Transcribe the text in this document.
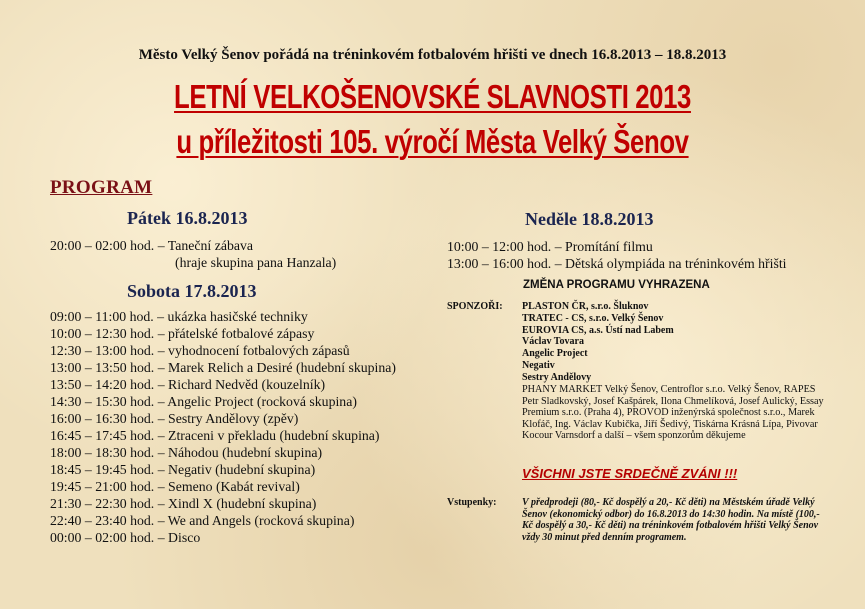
Město Velký Šenov pořádá na tréninkovém fotbalovém hřišti ve dnech 16.8.2013 – 18.8.2013
LETNÍ VELKOŠENOVSKÉ SLAVNOSTI 2013
u příležitosti 105. výročí Města Velký Šenov
PROGRAM
Pátek 16.8.2013
20:00 – 02:00 hod. – Taneční zábava
(hraje skupina pana Hanzala)
Sobota 17.8.2013
09:00 – 11:00 hod. – ukázka hasičské techniky
10:00 – 12:30 hod. – přátelské fotbalové zápasy
12:30 – 13:00 hod. – vyhodnocení fotbalových zápasů
13:00 – 13:50 hod. – Marek Relich a Desiré (hudební skupina)
13:50 – 14:20 hod. – Richard Nedvěd (kouzelník)
14:30 – 15:30 hod. – Angelic Project (rocková skupina)
16:00 – 16:30 hod. – Sestry Andělovy (zpěv)
16:45 – 17:45 hod. – Ztraceni v překladu (hudební skupina)
18:00 – 18:30 hod. – Náhodou (hudební skupina)
18:45 – 19:45 hod. – Negativ (hudební skupina)
19:45 – 21:00 hod. – Semeno (Kabát revival)
21:30 – 22:30 hod. – Xindl X (hudební skupina)
22:40 – 23:40 hod. – We and Angels (rocková skupina)
00:00 – 02:00 hod. – Disco
Neděle 18.8.2013
10:00 – 12:00 hod. – Promítání filmu
13:00 – 16:00 hod. – Dětská olympiáda na tréninkovém hřišti
ZMĚNA PROGRAMU VYHRAZENA
SPONZOŘI: PLASTON ČR, s.r.o. Šluknov
TRATEC - CS, s.r.o. Velký Šenov
EUROVIA CS, a.s. Ústí nad Labem
Václav Tovara
Angelic Project
Negativ
Sestry Andělovy
PHANY MARKET Velký Šenov, Centroflor s.r.o. Velký Šenov, RAPES Petr Sladkovský, Josef Kašpárek, Ilona Chmelíková, Josef Aulický, Essay Premium s.r.o. (Praha 4), PROVOD inženýrská společnost s.r.o., Marek Klofáč, Ing. Václav Kubička, Jiří Šedivý, Tiskárna Krásná Lípa, Pivovar Kocour Varnsdorf a další – všem sponzorům děkujeme
VŠICHNI JSTE SRDEČNĚ ZVÁNI !!!
Vstupenky:	V předprodeji (80,- Kč dospělý a 20,- Kč děti) na Městském úřadě Velký Šenov (ekonomický odbor) do 16.8.2013 do 14:30 hodin. Na místě (100,- Kč dospělý a 30,- Kč děti) na tréninkovém fotbalovém hřišti Velký Šenov vždy 30 minut před denním programem.
